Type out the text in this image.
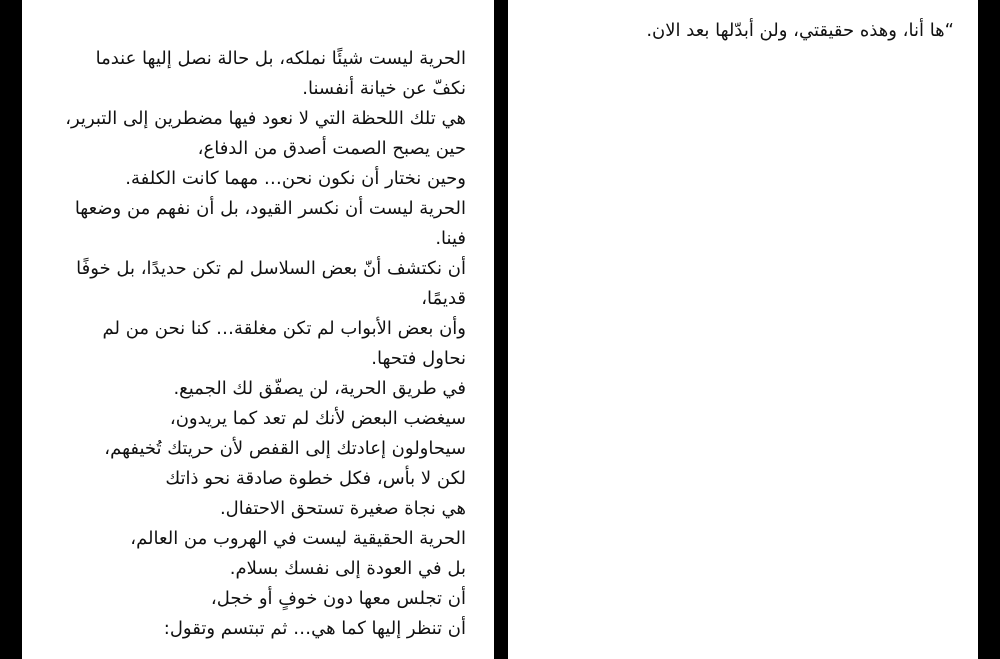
الحرية ليست شيئًا نملكه، بل حالة نصل إليها عندما
نكفّ عن خيانة أنفسنا.
هي تلك اللحظة التي لا نعود فيها مضطرين إلى التبرير،
حين يصبح الصمت أصدق من الدفاع،
وحين نختار أن نكون نحن… مهما كانت الكلفة.
الحرية ليست أن نكسر القيود، بل أن نفهم من وضعها
فينا.
أن نكتشف أنّ بعض السلاسل لم تكن حديدًا، بل خوفًا
قديمًا،
وأن بعض الأبواب لم تكن مغلقة… كنا نحن من لم
نحاول فتحها.
في طريق الحرية، لن يصفّق لك الجميع.
سيغضب البعض لأنك لم تعد كما يريدون،
سيحاولون إعادتك إلى القفص لأن حريتك تُخيفهم،
لكن لا بأس، فكل خطوة صادقة نحو ذاتك
هي نجاة صغيرة تستحق الاحتفال.
الحرية الحقيقية ليست في الهروب من العالم،
بل في العودة إلى نفسك بسلام.
أن تجلس معها دون خوفٍ أو خجل،
أن تنظر إليها كما هي… ثم تبتسم وتقول:
“ها أنا، وهذه حقيقتي، ولن أبدّلها بعد الان.
